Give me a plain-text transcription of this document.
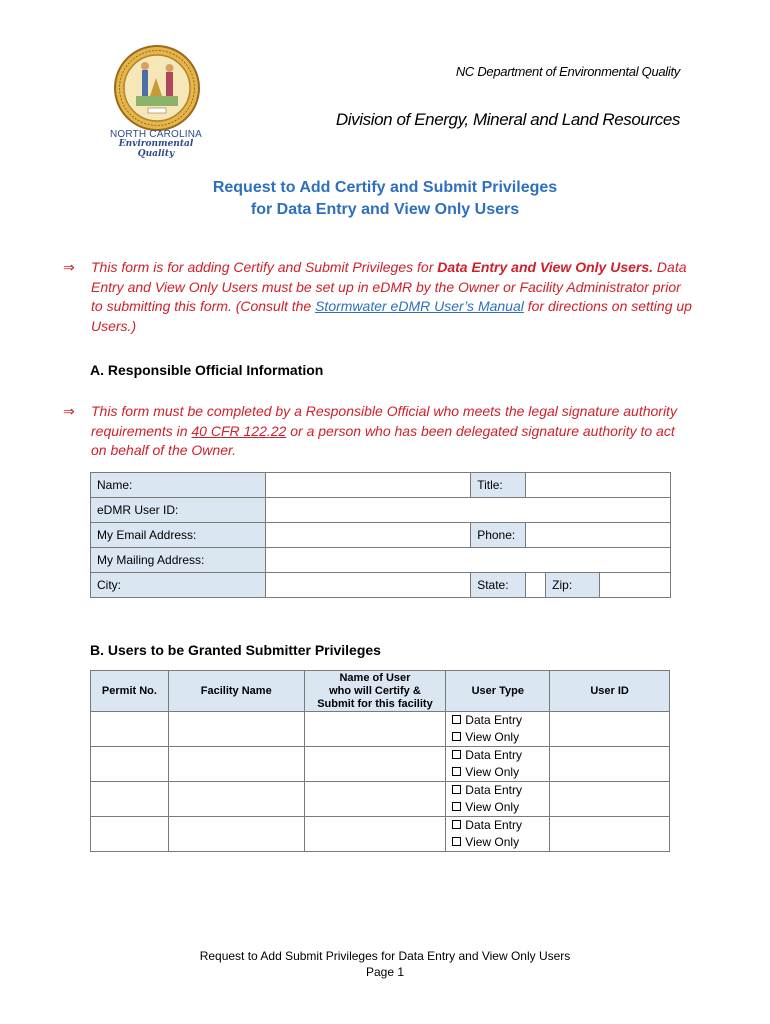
NORTH CAROLINA
Environmental Quality
NC Department of Environmental Quality
Division of Energy, Mineral and Land Resources
Request to Add Certify and Submit Privileges
for Data Entry and View Only Users
⇒ This form is for adding Certify and Submit Privileges for Data Entry and View Only Users. Data Entry and View Only Users must be set up in eDMR by the Owner or Facility Administrator prior to submitting this form. (Consult the Stormwater eDMR User’s Manual for directions on setting up Users.)
A. Responsible Official Information
⇒ This form must be completed by a Responsible Official who meets the legal signature authority requirements in 40 CFR 122.22 or a person who has been delegated signature authority to act on behalf of the Owner.
Name:		Title:			
eDMR User ID:					
My Email Address:		Phone:			
My Mailing Address:					
City:		State:		Zip:	
B. Users to be Granted Submitter Privileges
Permit No.	Facility Name	Name of User
who will Certify &
Submit for this facility	User Type	User ID

			Data Entry
View Only	

			Data Entry
View Only	

			Data Entry
View Only	

			Data Entry
View Only	

Request to Add Submit Privileges for Data Entry and View Only Users
Page 1
